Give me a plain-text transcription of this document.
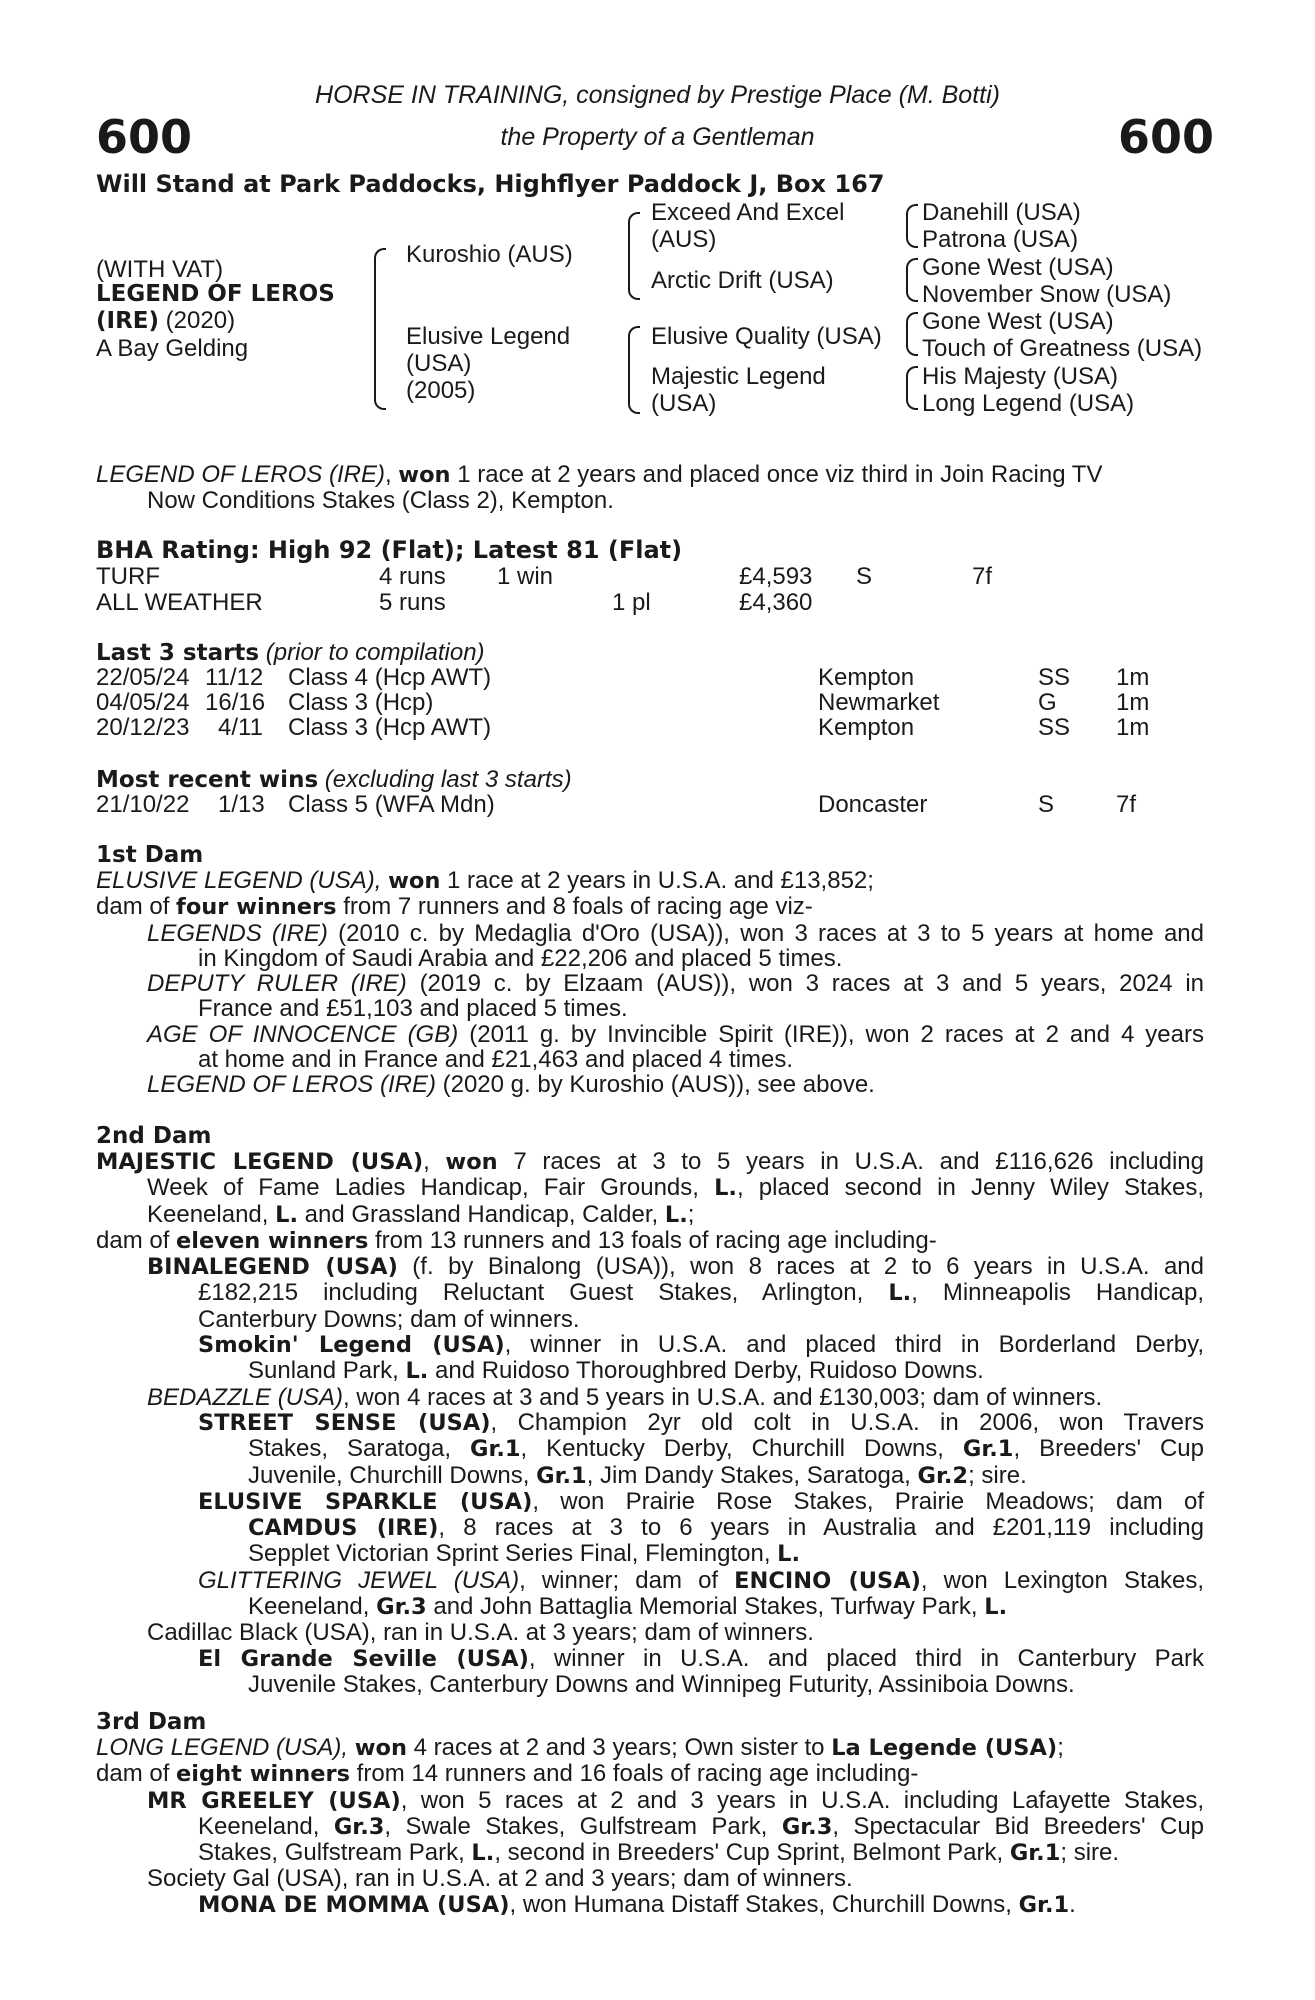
600	600
HORSE IN TRAINING, consigned by Prestige Place (M. Botti)
the Property of a Gentleman
Will Stand at Park Paddocks, Highflyer Paddock J, Box 167
(WITH VAT)
LEGEND OF LEROS
(IRE) (2020)
A Bay Gelding
Kuroshio (AUS)
Elusive Legend
(USA)
(2005)
Exceed And Excel
(AUS)
Arctic Drift (USA)
Elusive Quality (USA)
Majestic Legend
(USA)
Danehill (USA)
Patrona (USA)
Gone West (USA)
November Snow (USA)
Gone West (USA)
Touch of Greatness (USA)
His Majesty (USA)
Long Legend (USA)
LEGEND OF LEROS (IRE), won 1 race at 2 years and placed once viz third in Join Racing TV
Now Conditions Stakes (Class 2), Kempton.
BHA Rating: High 92 (Flat); Latest 81 (Flat)
TURF	4 runs 1 win	£4,593 S	7f
ALL WEATHER	5 runs	1 pl	£4,360
Last 3 starts (prior to compilation)
22/05/24 11/12 Class 4 (Hcp AWT)	Kempton	SS 1m
04/05/24 16/16 Class 3 (Hcp)	Newmarket	G 1m
20/12/23 4/11 Class 3 (Hcp AWT)	Kempton	SS 1m
Most recent wins (excluding last 3 starts)
21/10/22 1/13 Class 5 (WFA Mdn)	Doncaster	S	7f
1st Dam
ELUSIVE LEGEND (USA), won 1 race at 2 years in U.S.A. and £13,852;
dam of four winners from 7 runners and 8 foals of racing age viz-
LEGENDS (IRE) (2010 c. by Medaglia d'Oro (USA)), won 3 races at 3 to 5 years at home and
in Kingdom of Saudi Arabia and £22,206 and placed 5 times.
DEPUTY RULER (IRE) (2019 c. by Elzaam (AUS)), won 3 races at 3 and 5 years, 2024 in
France and £51,103 and placed 5 times.
AGE OF INNOCENCE (GB) (2011 g. by Invincible Spirit (IRE)), won 2 races at 2 and 4 years
at home and in France and £21,463 and placed 4 times.
LEGEND OF LEROS (IRE) (2020 g. by Kuroshio (AUS)), see above.
2nd Dam
MAJESTIC LEGEND (USA), won 7 races at 3 to 5 years in U.S.A. and £116,626 including
Week of Fame Ladies Handicap, Fair Grounds, L., placed second in Jenny Wiley Stakes,
Keeneland, L. and Grassland Handicap, Calder, L.;
dam of eleven winners from 13 runners and 13 foals of racing age including-
BINALEGEND (USA) (f. by Binalong (USA)), won 8 races at 2 to 6 years in U.S.A. and
£182,215 including Reluctant Guest Stakes, Arlington, L., Minneapolis Handicap,
Canterbury Downs; dam of winners.
Smokin' Legend (USA), winner in U.S.A. and placed third in Borderland Derby,
Sunland Park, L. and Ruidoso Thoroughbred Derby, Ruidoso Downs.
BEDAZZLE (USA), won 4 races at 3 and 5 years in U.S.A. and £130,003; dam of winners.
STREET SENSE (USA), Champion 2yr old colt in U.S.A. in 2006, won Travers
Stakes, Saratoga, Gr.1, Kentucky Derby, Churchill Downs, Gr.1, Breeders' Cup
Juvenile, Churchill Downs, Gr.1, Jim Dandy Stakes, Saratoga, Gr.2; sire.
ELUSIVE SPARKLE (USA), won Prairie Rose Stakes, Prairie Meadows; dam of
CAMDUS (IRE), 8 races at 3 to 6 years in Australia and £201,119 including
Sepplet Victorian Sprint Series Final, Flemington, L.
GLITTERING JEWEL (USA), winner; dam of ENCINO (USA), won Lexington Stakes,
Keeneland, Gr.3 and John Battaglia Memorial Stakes, Turfway Park, L.
Cadillac Black (USA), ran in U.S.A. at 3 years; dam of winners.
El Grande Seville (USA), winner in U.S.A. and placed third in Canterbury Park
Juvenile Stakes, Canterbury Downs and Winnipeg Futurity, Assiniboia Downs.
3rd Dam
LONG LEGEND (USA), won 4 races at 2 and 3 years; Own sister to La Legende (USA);
dam of eight winners from 14 runners and 16 foals of racing age including-
MR GREELEY (USA), won 5 races at 2 and 3 years in U.S.A. including Lafayette Stakes,
Keeneland, Gr.3, Swale Stakes, Gulfstream Park, Gr.3, Spectacular Bid Breeders' Cup
Stakes, Gulfstream Park, L., second in Breeders' Cup Sprint, Belmont Park, Gr.1; sire.
Society Gal (USA), ran in U.S.A. at 2 and 3 years; dam of winners.
MONA DE MOMMA (USA), won Humana Distaff Stakes, Churchill Downs, Gr.1.
